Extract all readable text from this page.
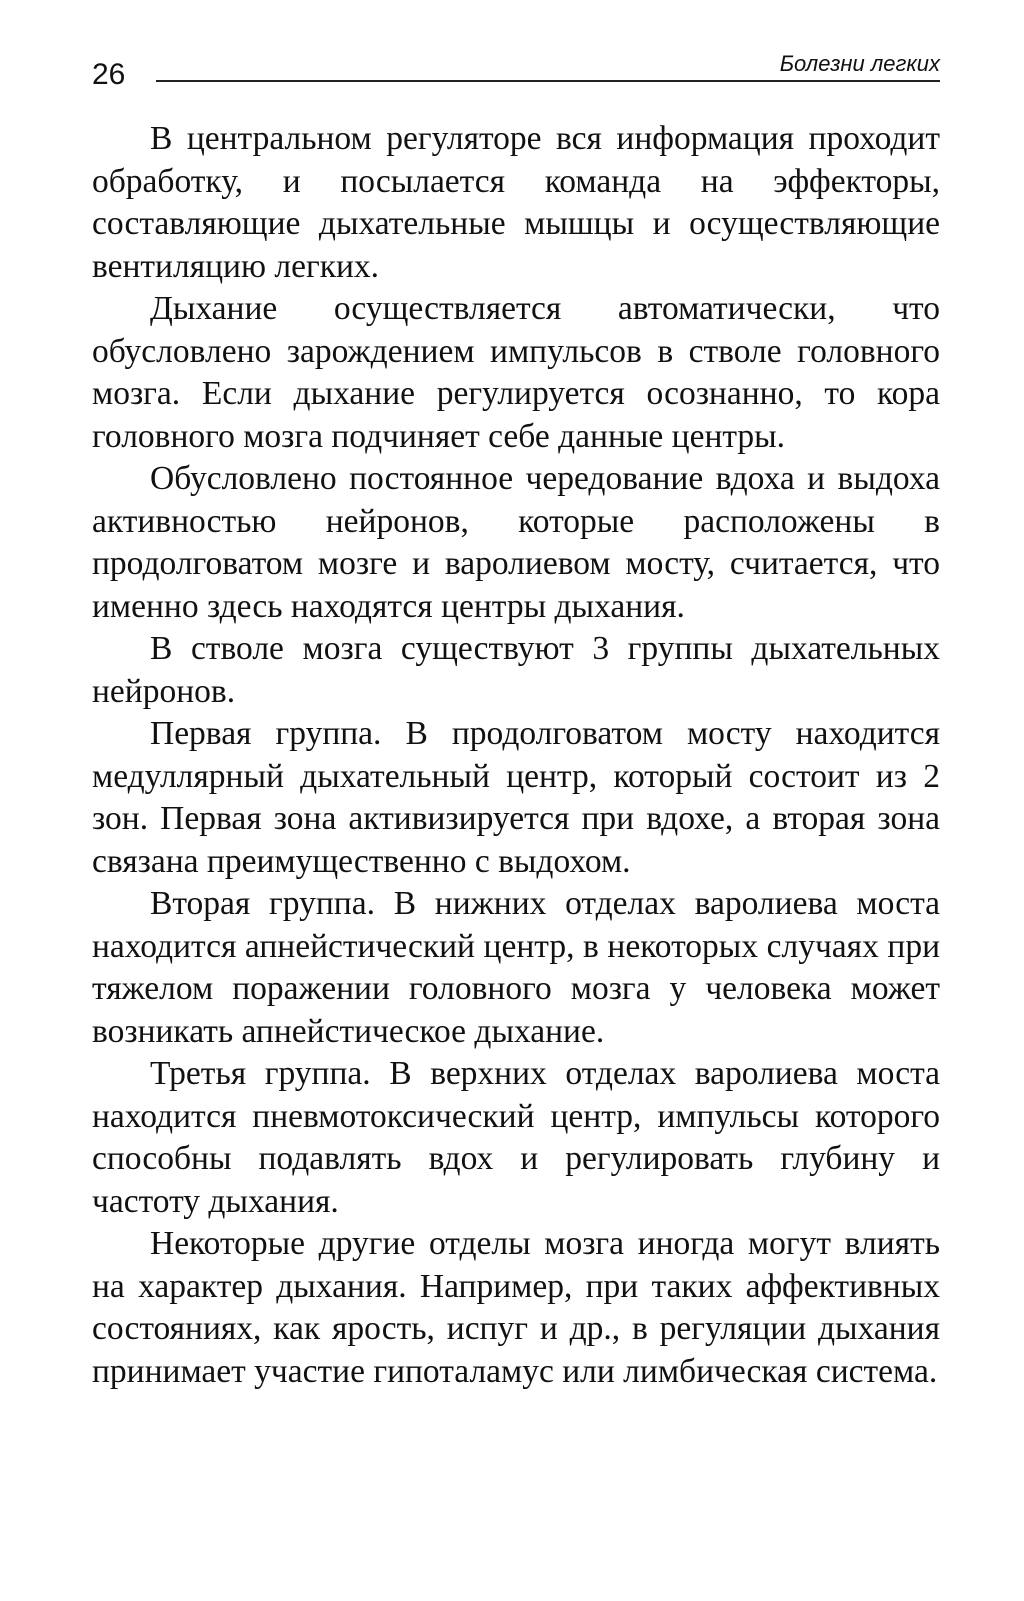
26	Болезни легких

В центральном регуляторе вся информация проходит обработку, и посылается команда на эффекторы, составляющие дыхательные мышцы и осуществляющие вентиляцию легких.

Дыхание осуществляется автоматически, что обусловлено зарождением импульсов в стволе головного мозга. Если дыхание регулируется осознанно, то кора головного мозга подчиняет себе данные центры.

Обусловлено постоянное чередование вдоха и выдоха активностью нейронов, которые расположены в продолговатом мозге и варолиевом мосту, считается, что именно здесь находятся центры дыхания.

В стволе мозга существуют 3 группы дыхательных нейронов.

Первая группа. В продолговатом мосту находится медуллярный дыхательный центр, который состоит из 2 зон. Первая зона активизируется при вдохе, а вторая зона связана преимущественно с выдохом.

Вторая группа. В нижних отделах варолиева моста находится апнейстический центр, в некоторых случаях при тяжелом поражении головного мозга у человека может возникать апнейстическое дыхание.

Третья группа. В верхних отделах варолиева моста находится пневмотоксический центр, импульсы которого способны подавлять вдох и регулировать глубину и частоту дыхания.

Некоторые другие отделы мозга иногда могут влиять на характер дыхания. Например, при таких аффективных состояниях, как ярость, испуг и др., в регуляции дыхания принимает участие гипоталамус или лимбическая система.
